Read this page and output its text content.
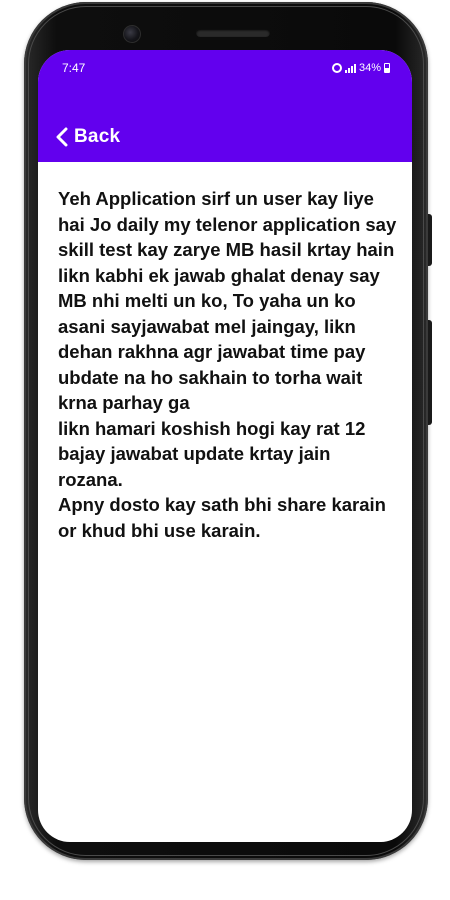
7:47	34%
Back

Yeh Application sirf un user kay liye hai Jo daily my telenor application say skill test kay zarye MB hasil krtay hain likn kabhi ek jawab ghalat denay say MB nhi melti un ko, To yaha un ko asani sayjawabat mel jaingay, likn dehan rakhna agr jawabat time pay ubdate na ho sakhain to torha wait krna parhay ga

likn hamari koshish hogi kay rat 12 bajay jawabat update krtay jain rozana.

Apny dosto kay sath bhi share karain or khud bhi use karain.
